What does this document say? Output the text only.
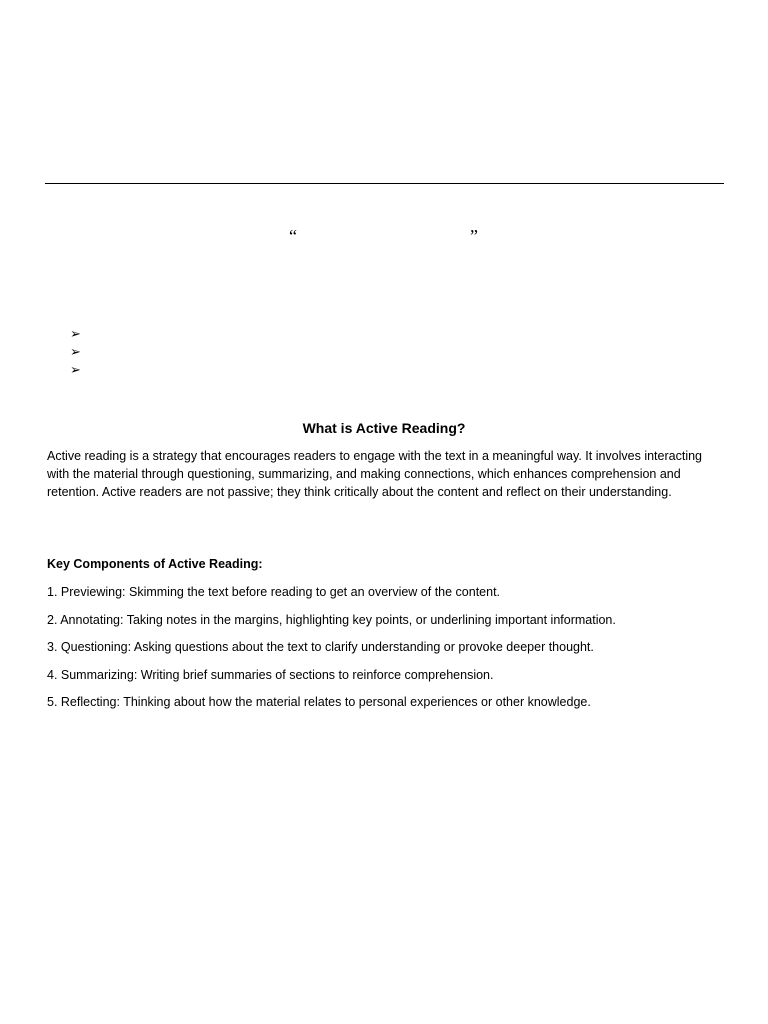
“	”
➢
➢
➢
What is Active Reading?

Active reading is a strategy that encourages readers to engage with the text in a meaningful way. It involves interacting with the material through questioning, summarizing, and making connections, which enhances comprehension and retention. Active readers are not passive; they think critically about the content and reflect on their understanding.

Key Components of Active Reading:

1. Previewing: Skimming the text before reading to get an overview of the content.
2. Annotating: Taking notes in the margins, highlighting key points, or underlining important information.
3. Questioning: Asking questions about the text to clarify understanding or provoke deeper thought.
4. Summarizing: Writing brief summaries of sections to reinforce comprehension.
5. Reflecting: Thinking about how the material relates to personal experiences or other knowledge.
